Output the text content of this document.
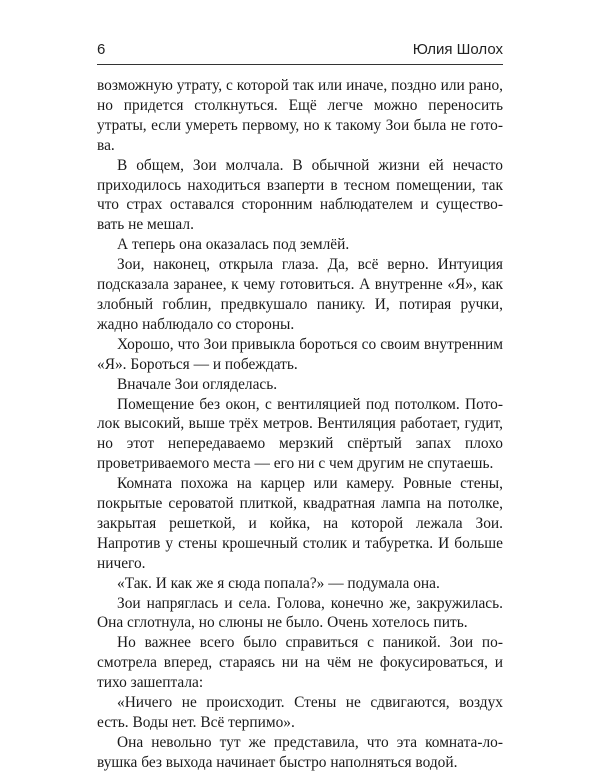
6	Юлия Шолох

возможную утрату, с которой так или иначе, поздно или рано, но придется столкнуться. Ещё легче можно переносить утраты, если умереть первому, но к такому Зои была не готова.

В общем, Зои молчала. В обычной жизни ей нечасто приходилось находиться взаперти в тесном помещении, так что страх оставался сторонним наблюдателем и существовать не мешал.

А теперь она оказалась под землёй.

Зои, наконец, открыла глаза. Да, всё верно. Интуиция подсказала заранее, к чему готовиться. А внутренне «Я», как злобный гоблин, предвкушало панику. И, потирая ручки, жадно наблюдало со стороны.

Хорошо, что Зои привыкла бороться со своим внутренним «Я». Бороться — и побеждать.

Вначале Зои огляделась.

Помещение без окон, с вентиляцией под потолком. Потолок высокий, выше трёх метров. Вентиляция работает, гудит, но этот непередаваемо мерзкий спёртый запах плохо проветриваемого места — его ни с чем другим не спутаешь.

Комната похожа на карцер или камеру. Ровные стены, покрытые сероватой плиткой, квадратная лампа на потолке, закрытая решеткой, и койка, на которой лежала Зои. Напротив у стены крошечный столик и табуретка. И больше ничего.

«Так. И как же я сюда попала?» — подумала она.

Зои напряглась и села. Голова, конечно же, закружилась. Она сглотнула, но слюны не было. Очень хотелось пить.

Но важнее всего было справиться с паникой. Зои посмотрела вперед, стараясь ни на чём не фокусироваться, и тихо зашептала:

«Ничего не происходит. Стены не сдвигаются, воздух есть. Воды нет. Всё терпимо».

Она невольно тут же представила, что эта комната-ловушка без выхода начинает быстро наполняться водой.
